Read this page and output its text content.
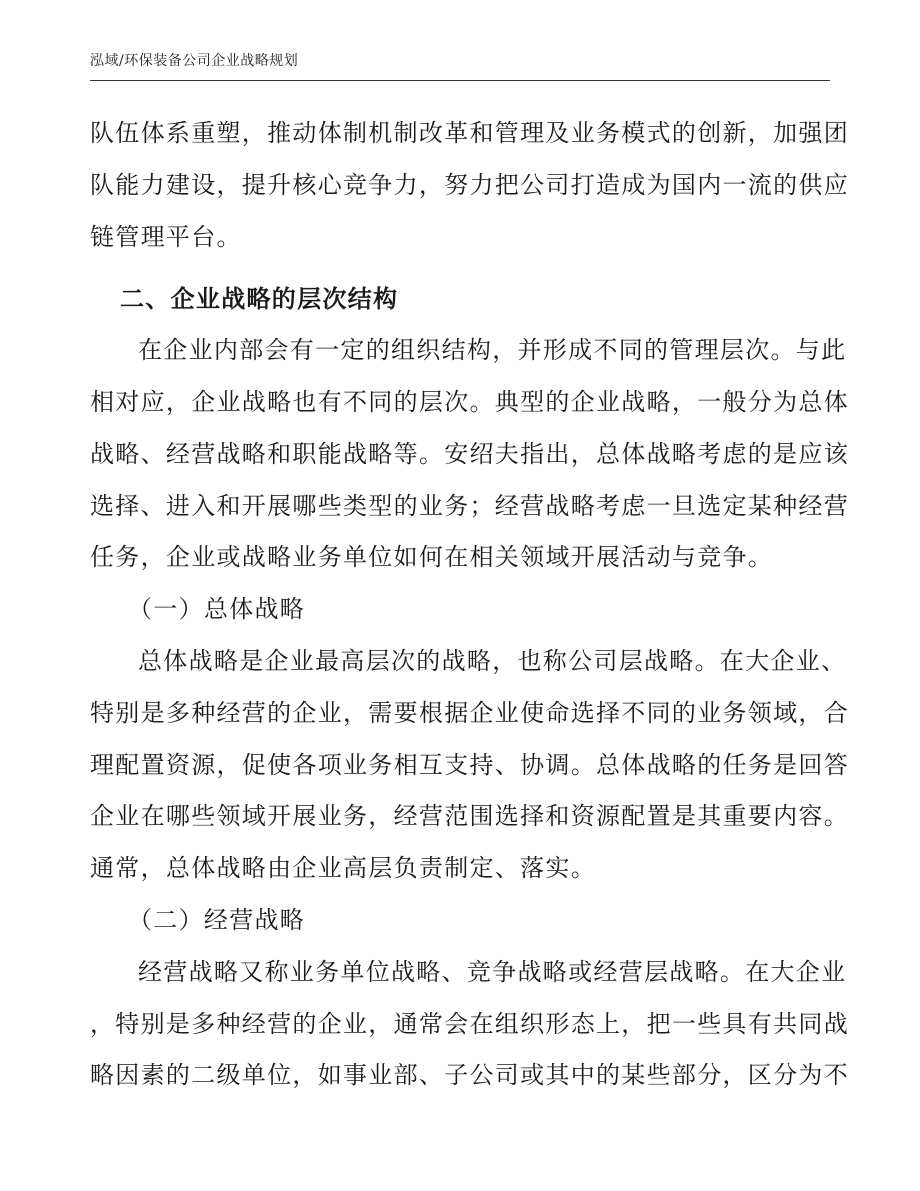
泓域/环保装备公司企业战略规划
队伍体系重塑，推动体制机制改革和管理及业务模式的创新，加强团
队能力建设，提升核心竞争力，努力把公司打造成为国内一流的供应
链管理平台。
二、企业战略的层次结构
在企业内部会有一定的组织结构，并形成不同的管理层次。与此
相对应，企业战略也有不同的层次。典型的企业战略，一般分为总体
战略、经营战略和职能战略等。安绍夫指出，总体战略考虑的是应该
选择、进入和开展哪些类型的业务；经营战略考虑一旦选定某种经营
任务，企业或战略业务单位如何在相关领域开展活动与竞争。
（一）总体战略
总体战略是企业最高层次的战略，也称公司层战略。在大企业、
特别是多种经营的企业，需要根据企业使命选择不同的业务领域，合
理配置资源，促使各项业务相互支持、协调。总体战略的任务是回答
企业在哪些领域开展业务，经营范围选择和资源配置是其重要内容。
通常，总体战略由企业高层负责制定、落实。
（二）经营战略
经营战略又称业务单位战略、竞争战略或经营层战略。在大企业
，特别是多种经营的企业，通常会在组织形态上，把一些具有共同战
略因素的二级单位，如事业部、子公司或其中的某些部分，区分为不
